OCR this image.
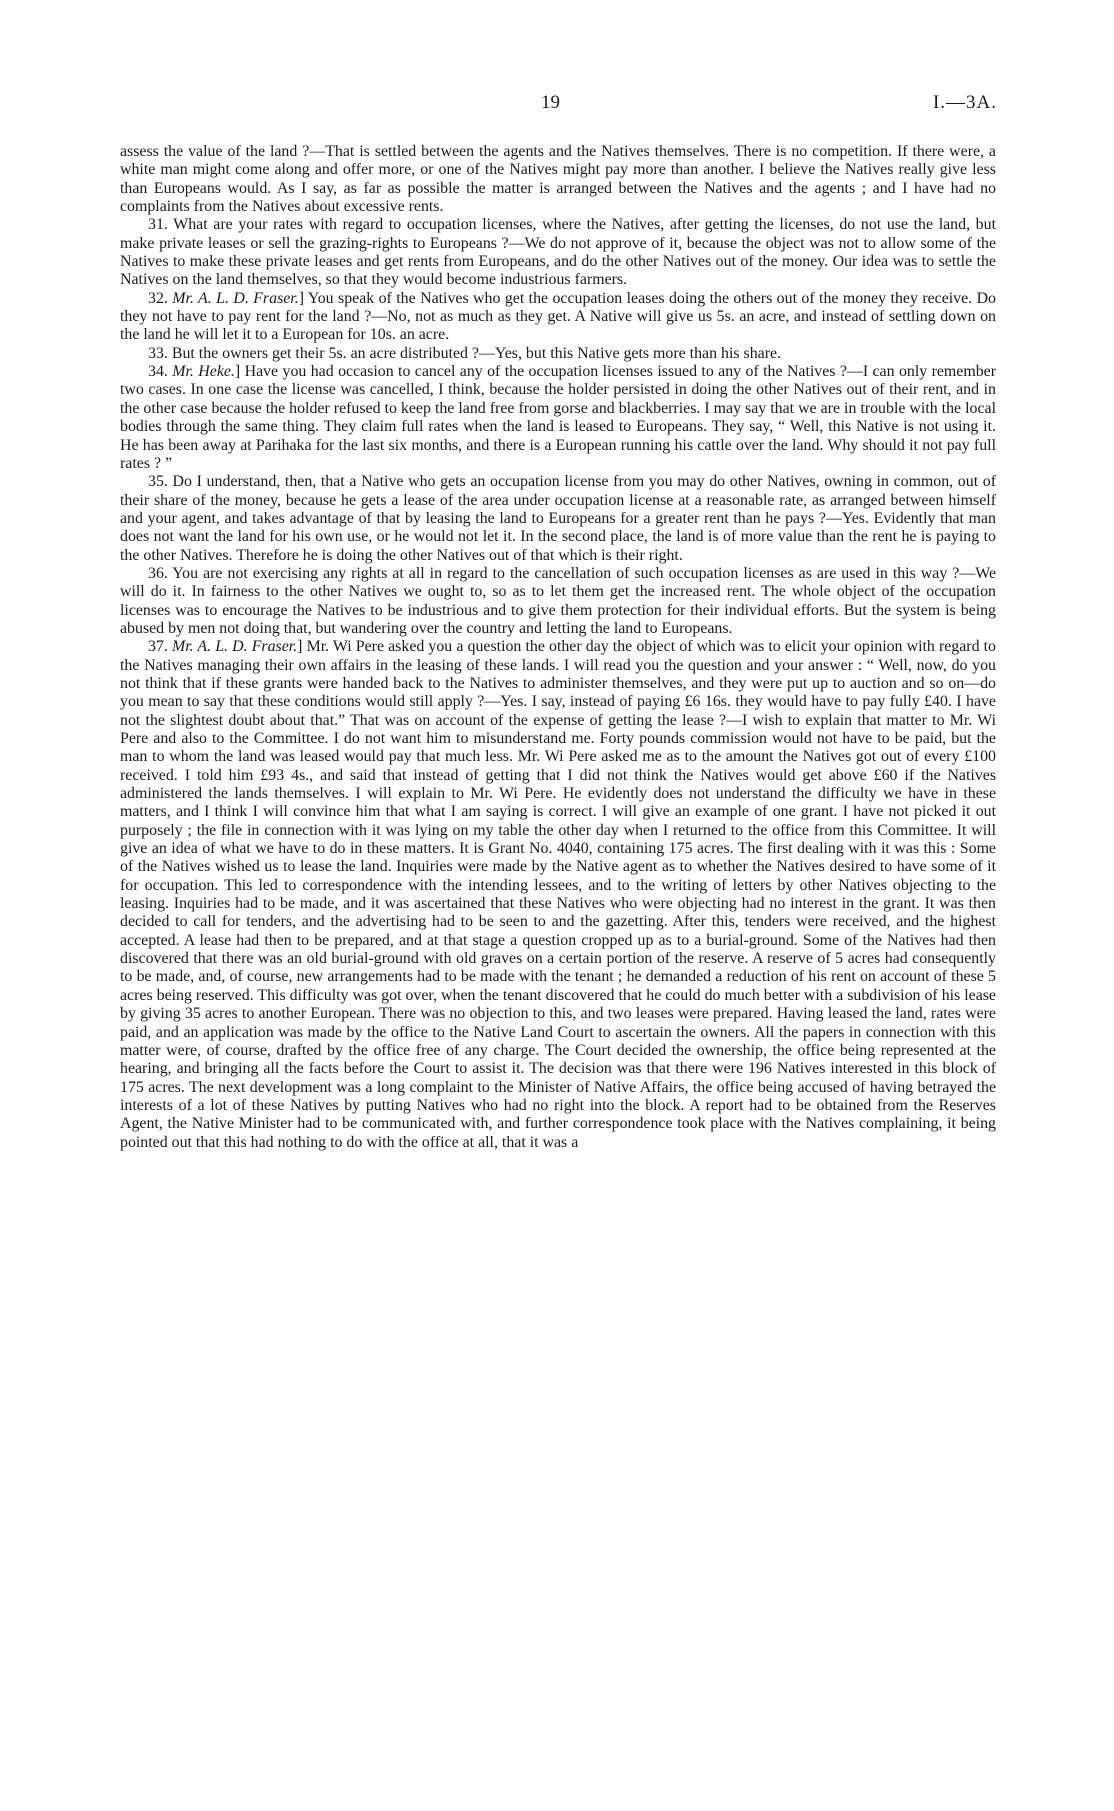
19	I.—3A.

assess the value of the land ?—That is settled between the agents and the Natives themselves. There is no competition. If there were, a white man might come along and offer more, or one of the Natives might pay more than another. I believe the Natives really give less than Europeans would. As I say, as far as possible the matter is arranged between the Natives and the agents ; and I have had no complaints from the Natives about excessive rents.

31. What are your rates with regard to occupation licenses, where the Natives, after getting the licenses, do not use the land, but make private leases or sell the grazing-rights to Europeans ?—We do not approve of it, because the object was not to allow some of the Natives to make these private leases and get rents from Europeans, and do the other Natives out of the money. Our idea was to settle the Natives on the land themselves, so that they would become industrious farmers.

32. Mr. A. L. D. Fraser.] You speak of the Natives who get the occupation leases doing the others out of the money they receive. Do they not have to pay rent for the land ?—No, not as much as they get. A Native will give us 5s. an acre, and instead of settling down on the land he will let it to a European for 10s. an acre.

33. But the owners get their 5s. an acre distributed ?—Yes, but this Native gets more than his share.

34. Mr. Heke.] Have you had occasion to cancel any of the occupation licenses issued to any of the Natives ?—I can only remember two cases. In one case the license was cancelled, I think, because the holder persisted in doing the other Natives out of their rent, and in the other case because the holder refused to keep the land free from gorse and blackberries. I may say that we are in trouble with the local bodies through the same thing. They claim full rates when the land is leased to Europeans. They say, “ Well, this Native is not using it. He has been away at Parihaka for the last six months, and there is a European running his cattle over the land. Why should it not pay full rates ? ”

35. Do I understand, then, that a Native who gets an occupation license from you may do other Natives, owning in common, out of their share of the money, because he gets a lease of the area under occupation license at a reasonable rate, as arranged between himself and your agent, and takes advantage of that by leasing the land to Europeans for a greater rent than he pays ?—Yes. Evidently that man does not want the land for his own use, or he would not let it. In the second place, the land is of more value than the rent he is paying to the other Natives. Therefore he is doing the other Natives out of that which is their right.

36. You are not exercising any rights at all in regard to the cancellation of such occupation licenses as are used in this way ?—We will do it. In fairness to the other Natives we ought to, so as to let them get the increased rent. The whole object of the occupation licenses was to encourage the Natives to be industrious and to give them protection for their individual efforts. But the system is being abused by men not doing that, but wandering over the country and letting the land to Europeans.

37. Mr. A. L. D. Fraser.] Mr. Wi Pere asked you a question the other day the object of which was to elicit your opinion with regard to the Natives managing their own affairs in the leasing of these lands. I will read you the question and your answer : “ Well, now, do you not think that if these grants were handed back to the Natives to administer themselves, and they were put up to auction and so on—do you mean to say that these conditions would still apply ?—Yes. I say, instead of paying £6 16s. they would have to pay fully £40. I have not the slightest doubt about that.” That was on account of the expense of getting the lease ?—I wish to explain that matter to Mr. Wi Pere and also to the Committee. I do not want him to misunderstand me. Forty pounds commission would not have to be paid, but the man to whom the land was leased would pay that much less. Mr. Wi Pere asked me as to the amount the Natives got out of every £100 received. I told him £93 4s., and said that instead of getting that I did not think the Natives would get above £60 if the Natives administered the lands themselves. I will explain to Mr. Wi Pere. He evidently does not understand the difficulty we have in these matters, and I think I will convince him that what I am saying is correct. I will give an example of one grant. I have not picked it out purposely ; the file in connection with it was lying on my table the other day when I returned to the office from this Committee. It will give an idea of what we have to do in these matters. It is Grant No. 4040, containing 175 acres. The first dealing with it was this : Some of the Natives wished us to lease the land. Inquiries were made by the Native agent as to whether the Natives desired to have some of it for occupation. This led to correspondence with the intending lessees, and to the writing of letters by other Natives objecting to the leasing. Inquiries had to be made, and it was ascertained that these Natives who were objecting had no interest in the grant. It was then decided to call for tenders, and the advertising had to be seen to and the gazetting. After this, tenders were received, and the highest accepted. A lease had then to be prepared, and at that stage a question cropped up as to a burial-ground. Some of the Natives had then discovered that there was an old burial-ground with old graves on a certain portion of the reserve. A reserve of 5 acres had consequently to be made, and, of course, new arrangements had to be made with the tenant ; he demanded a reduction of his rent on account of these 5 acres being reserved. This difficulty was got over, when the tenant discovered that he could do much better with a subdivision of his lease by giving 35 acres to another European. There was no objection to this, and two leases were prepared. Having leased the land, rates were paid, and an application was made by the office to the Native Land Court to ascertain the owners. All the papers in connection with this matter were, of course, drafted by the office free of any charge. The Court decided the ownership, the office being represented at the hearing, and bringing all the facts before the Court to assist it. The decision was that there were 196 Natives interested in this block of 175 acres. The next development was a long complaint to the Minister of Native Affairs, the office being accused of having betrayed the interests of a lot of these Natives by putting Natives who had no right into the block. A report had to be obtained from the Reserves Agent, the Native Minister had to be communicated with, and further correspondence took place with the Natives complaining, it being pointed out that this had nothing to do with the office at all, that it was a
